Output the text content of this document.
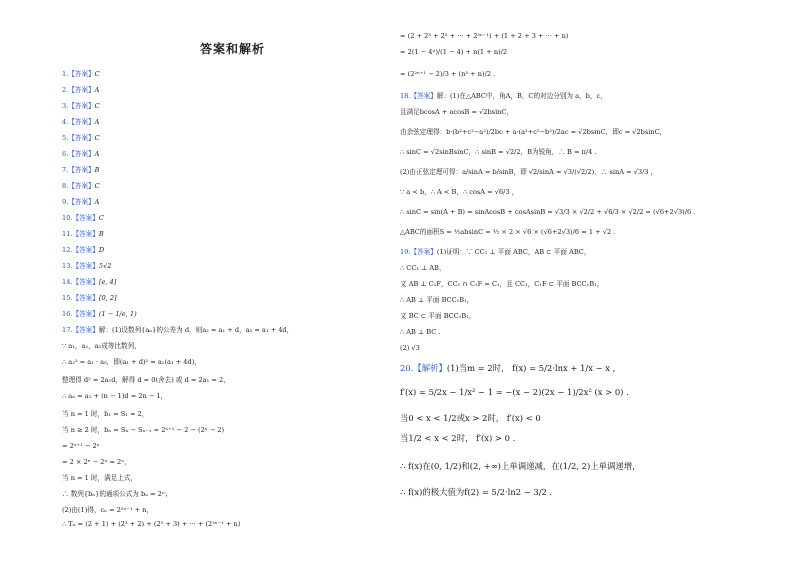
答案和解析
1.【答案】C
2.【答案】A
3.【答案】C
4.【答案】A
5.【答案】C
6.【答案】A
7.【答案】B
8.【答案】C
9.【答案】A
10.【答案】C
11.【答案】B
12.【答案】D
13.【答案】5√2
14.【答案】[e, 4]
15.【答案】[0, 2]
16.【答案】(1 − 1/e, 1)
17.【答案】解：(1)设数列{aₙ}的公差为 d，则a₂ = a₁ + d，a₅ = a₁ + 4d，
∵ a₁，a₂，a₅成等比数列，
∴ a₂² = a₁ · a₅，即(a₁ + d)² = a₁(a₁ + 4d)，
整理得 d² = 2a₁d，解得 d = 0(舍去) 或 d = 2a₁ = 2，
∴ aₙ = a₁ + (n − 1)d = 2n − 1，
当 n = 1 时，b₁ = S₁ = 2，
当 n ≥ 2 时，bₙ = Sₙ − Sₙ₋₁ = 2ⁿ⁺¹ − 2 − (2ⁿ − 2)
= 2ⁿ⁺¹ − 2ⁿ
= 2 × 2ⁿ − 2ⁿ = 2ⁿ，
当 n = 1 时，满足上式，
∴ 数列{bₙ}的通项公式为 bₙ = 2ⁿ；
(2)由(1)得，cₙ = 2²ⁿ⁻¹ + n，
∴ Tₙ = (2 + 1) + (2³ + 2) + (2⁵ + 3) + ··· + (2²ⁿ⁻¹ + n)
= (2 + 2³ + 2⁵ + ··· + 2²ⁿ⁻¹) + (1 + 2 + 3 + ··· + n)
= 2(1 − 4ⁿ)/(1 − 4) + n(1 + n)/2
= (2²ⁿ⁺¹ − 2)/3 + (n² + n)/2 .
18.【答案】解：(1)在△ABC中，角A，B，C的对边分别为 a，b，c，
且满足bcosA + acosB = √2bsinC，
由余弦定理得：b·(b²+c²−a²)/2bc + a·(a²+c²−b²)/2ac = √2bsinC，即c = √2bsinC，
∴ sinC = √2sinBsinC，∴ sinB = √2/2，B为锐角，∴ B = π/4 .
(2)由正弦定理可得：a/sinA = b/sinB，即 √2/sinA = √3/(√2/2)，∴ sinA = √3/3 ，
∵ a < b，∴ A < B，∴ cosA = √6/3 ，
∴ sinC = sin(A + B) = sinAcosB + cosAsinB = √3/3 × √2/2 + √6/3 × √2/2 = (√6+2√3)/6 .
△ABC的面积S = ½absinC = ½ × 2 × √6 × (√6+2√3)/6 = 1 + √2 .
19.【答案】(1)证明：∵ CC₁ ⊥ 平面 ABC，AB ⊂ 平面 ABC，
∴ CC₁ ⊥ AB，
又 AB ⊥ C₁F，CC₁ ∩ C₁F = C₁，且 CC₁，C₁F ⊂ 平面 BCC₁B₁，
∴ AB ⊥ 平面 BCC₁B₁，
又 BC ⊂ 平面 BCC₁B₁，
∴ AB ⊥ BC .
(2) √3
20.【解析】(1)当m = 2时， f(x) = 5/2·lnx + 1/x − x ,
f′(x) = 5/2x − 1/x² − 1 = −(x − 2)(2x − 1)/2x² (x > 0) .
当0 < x < 1/2或x > 2时， f′(x) < 0
当1/2 < x < 2时， f′(x) > 0 .
∴ f(x)在(0, 1/2)和(2, +∞)上单调递减，在(1/2, 2)上单调递增，
∴ f(x)的极大值为f(2) = 5/2·ln2 − 3/2 .
